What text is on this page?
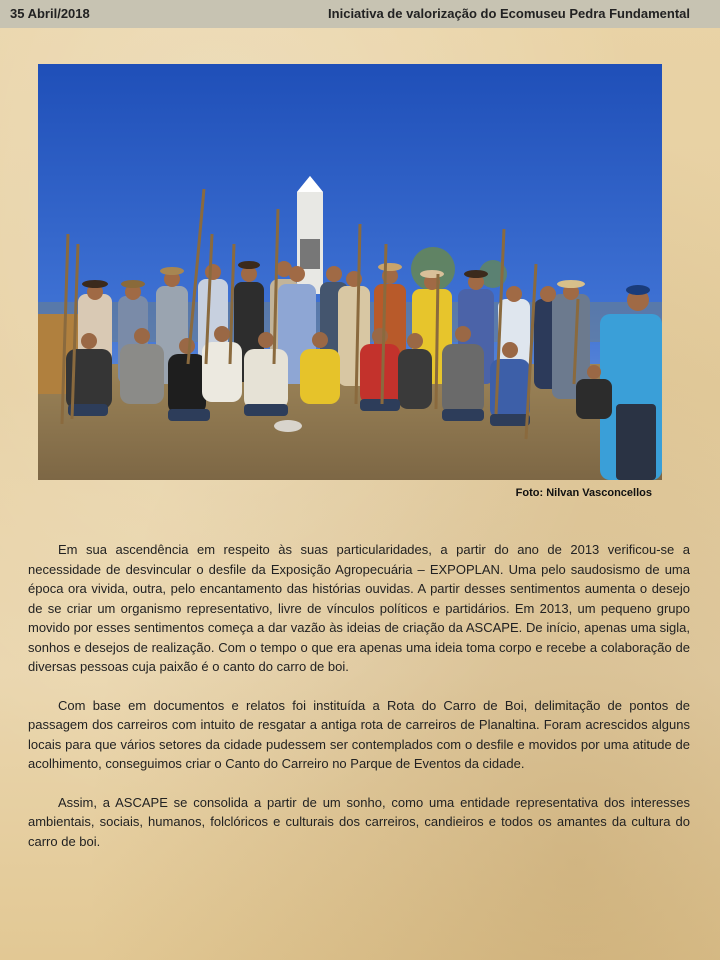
35 Abril/2018	Iniciativa de valorização do Ecomuseu Pedra Fundamental
Foto: Nilvan Vasconcellos

Em sua ascendência em respeito às suas particularidades, a partir do ano de 2013 verificou-se a necessidade de desvincular o desfile da Exposição Agropecuária – EXPOPLAN. Uma pelo saudosismo de uma época ora vivida, outra, pelo encantamento das histórias ouvidas. A partir desses sentimentos aumenta o desejo de se criar um organismo representativo, livre de vínculos políticos e partidários. Em 2013, um pequeno grupo movido por esses sentimentos começa a dar vazão às ideias de criação da ASCAPE. De início, apenas uma sigla, sonhos e desejos de realização. Com o tempo o que era apenas uma ideia toma corpo e recebe a colaboração de diversas pessoas cuja paixão é o canto do carro de boi.

Com base em documentos e relatos foi instituída a Rota do Carro de Boi, delimitação de pontos de passagem dos carreiros com intuito de resgatar a antiga rota de carreiros de Planaltina. Foram acrescidos alguns locais para que vários setores da cidade pudessem ser contemplados com o desfile e movidos por uma atitude de acolhimento, conseguimos criar o Canto do Carreiro no Parque de Eventos da cidade.

Assim, a ASCAPE se consolida a partir de um sonho, como uma entidade representativa dos interesses ambientais, sociais, humanos, folclóricos e culturais dos carreiros, candieiros e todos os amantes da cultura do carro de boi.
